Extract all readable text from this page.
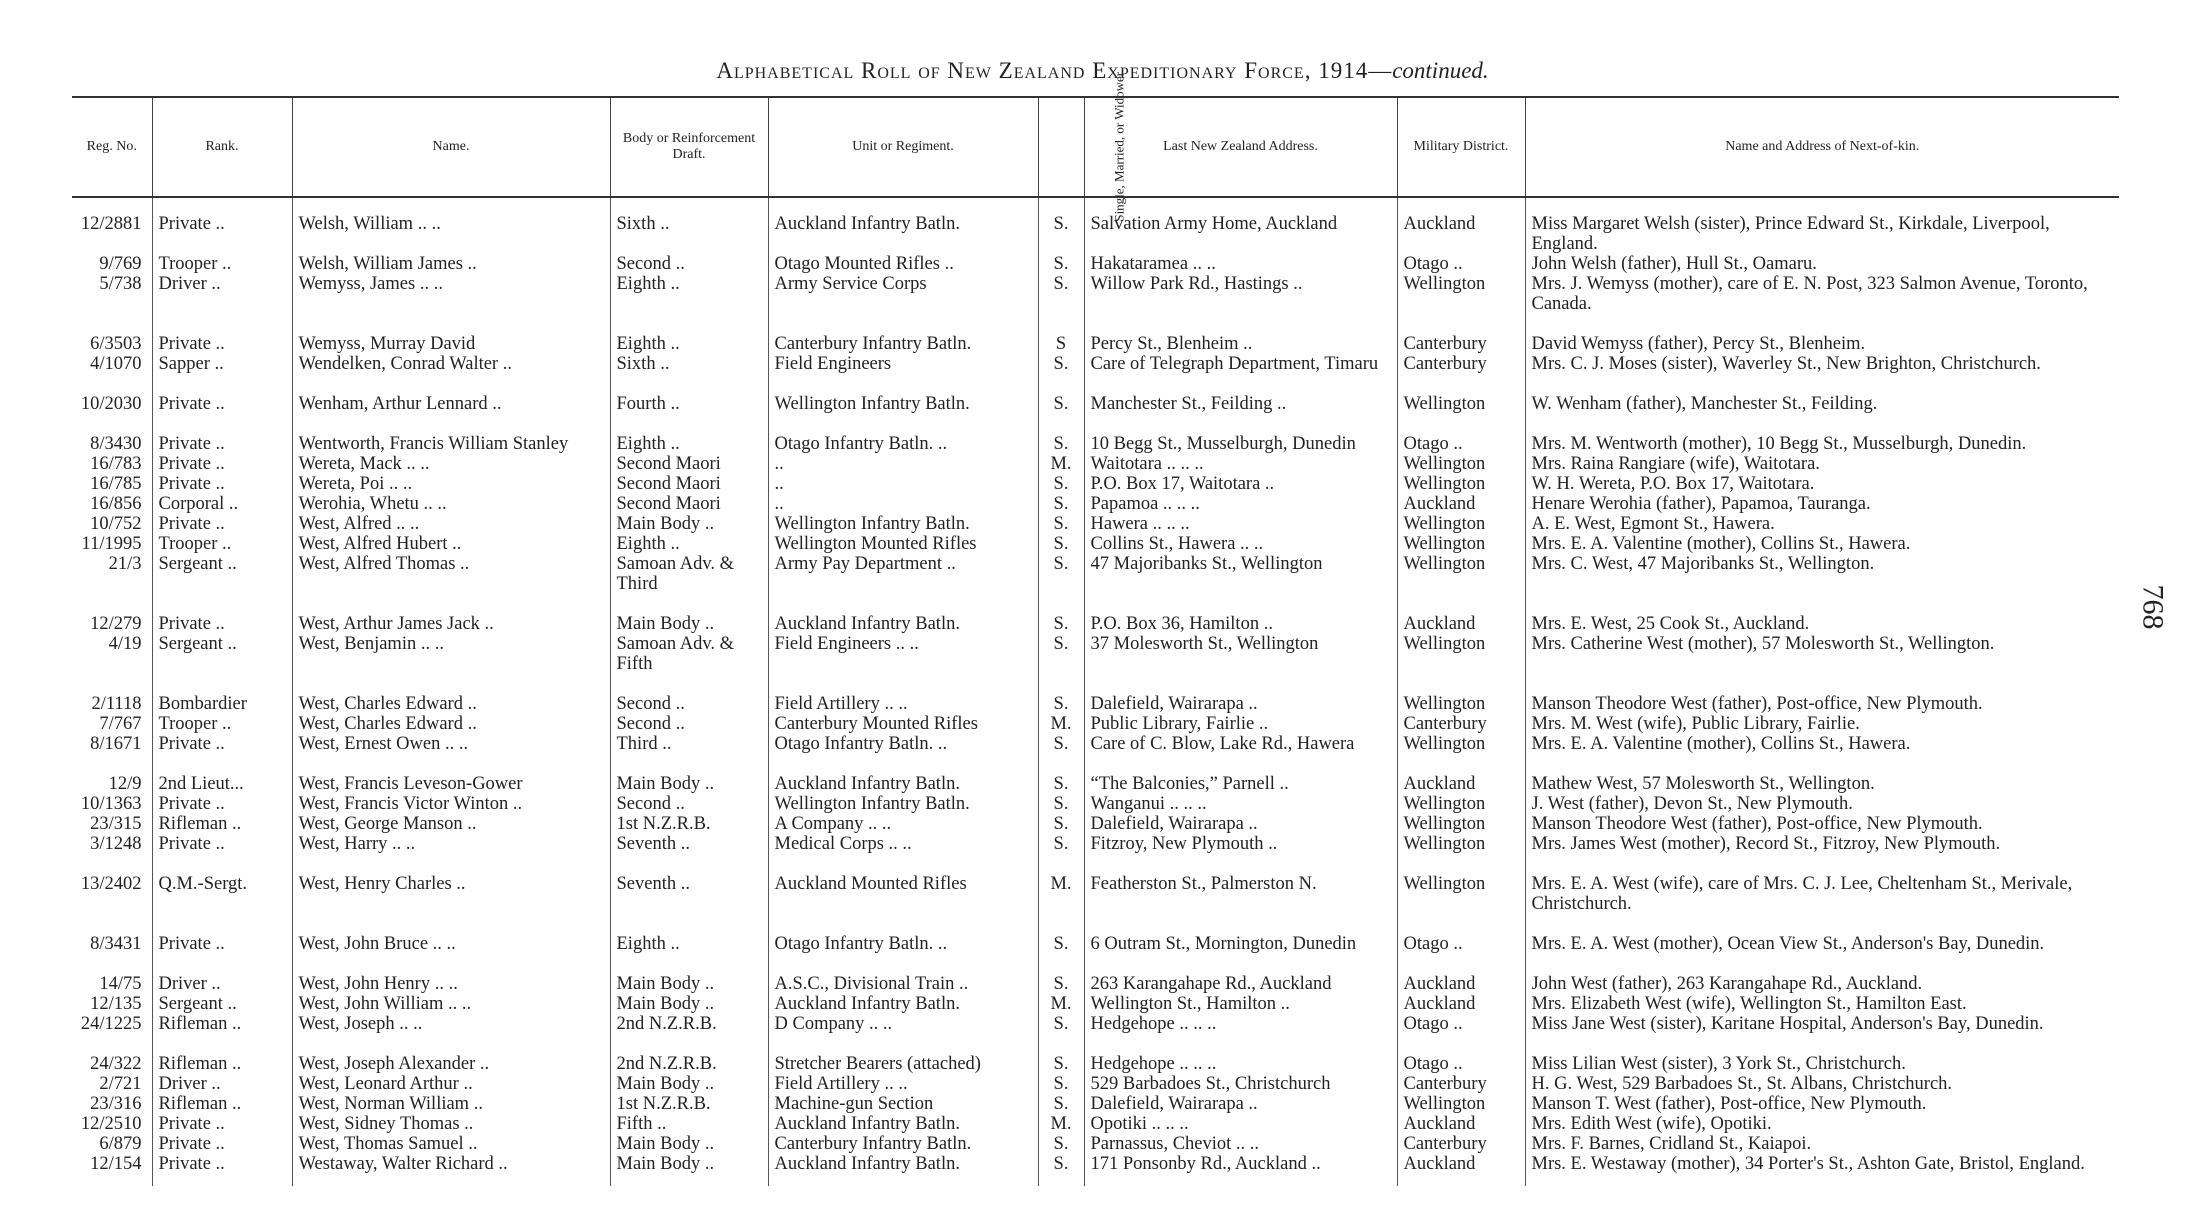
Alphabetical Roll of New Zealand Expeditionary Force, 1914—continued.
768
Reg. No.	Rank.	Name.	Body or Reinforcement Draft.	Unit or Regiment.	Single, Married, or Widower.	Last New Zealand Address.	Military District.	Name and Address of Next-of-kin.
12/2881	Private ..	Welsh, William .. ..	Sixth ..	Auckland Infantry Batln.	S.	Salvation Army Home, Auckland	Auckland	Miss Margaret Welsh (sister), Prince Edward St., Kirkdale, Liverpool, England.
9/769	Trooper ..	Welsh, William James ..	Second ..	Otago Mounted Rifles ..	S.	Hakataramea .. ..	Otago ..	John Welsh (father), Hull St., Oamaru.
5/738	Driver ..	Wemyss, James .. ..	Eighth ..	Army Service Corps	S.	Willow Park Rd., Hastings ..	Wellington	Mrs. J. Wemyss (mother), care of E. N. Post, 323 Salmon Avenue, Toronto, Canada.
6/3503	Private ..	Wemyss, Murray David	Eighth ..	Canterbury Infantry Batln.	S	Percy St., Blenheim ..	Canterbury	David Wemyss (father), Percy St., Blenheim.
4/1070	Sapper ..	Wendelken, Conrad Walter ..	Sixth ..	Field Engineers	S.	Care of Telegraph Department, Timaru	Canterbury	Mrs. C. J. Moses (sister), Waverley St., New Brighton, Christchurch.
10/2030	Private ..	Wenham, Arthur Lennard ..	Fourth ..	Wellington Infantry Batln.	S.	Manchester St., Feilding ..	Wellington	W. Wenham (father), Manchester St., Feilding.
8/3430	Private ..	Wentworth, Francis William Stanley	Eighth ..	Otago Infantry Batln. ..	S.	10 Begg St., Musselburgh, Dunedin	Otago ..	Mrs. M. Wentworth (mother), 10 Begg St., Musselburgh, Dunedin.
16/783	Private ..	Wereta, Mack .. ..	Second Maori	..	M.	Waitotara .. .. ..	Wellington	Mrs. Raina Rangiare (wife), Waitotara.
16/785	Private ..	Wereta, Poi .. ..	Second Maori	..	S.	P.O. Box 17, Waitotara ..	Wellington	W. H. Wereta, P.O. Box 17, Waitotara.
16/856	Corporal ..	Werohia, Whetu .. ..	Second Maori	..	S.	Papamoa .. .. ..	Auckland	Henare Werohia (father), Papamoa, Tauranga.
10/752	Private ..	West, Alfred .. ..	Main Body ..	Wellington Infantry Batln.	S.	Hawera .. .. ..	Wellington	A. E. West, Egmont St., Hawera.
11/1995	Trooper ..	West, Alfred Hubert ..	Eighth ..	Wellington Mounted Rifles	S.	Collins St., Hawera .. ..	Wellington	Mrs. E. A. Valentine (mother), Collins St., Hawera.
21/3	Sergeant ..	West, Alfred Thomas ..	Samoan Adv. & Third	Army Pay Department ..	S.	47 Majoribanks St., Wellington	Wellington	Mrs. C. West, 47 Majoribanks St., Wellington.
12/279	Private ..	West, Arthur James Jack ..	Main Body ..	Auckland Infantry Batln.	S.	P.O. Box 36, Hamilton ..	Auckland	Mrs. E. West, 25 Cook St., Auckland.
4/19	Sergeant ..	West, Benjamin .. ..	Samoan Adv. & Fifth	Field Engineers .. ..	S.	37 Molesworth St., Wellington	Wellington	Mrs. Catherine West (mother), 57 Molesworth St., Wellington.
2/1118	Bombardier	West, Charles Edward ..	Second ..	Field Artillery .. ..	S.	Dalefield, Wairarapa ..	Wellington	Manson Theodore West (father), Post-office, New Plymouth.
7/767	Trooper ..	West, Charles Edward ..	Second ..	Canterbury Mounted Rifles	M.	Public Library, Fairlie ..	Canterbury	Mrs. M. West (wife), Public Library, Fairlie.
8/1671	Private ..	West, Ernest Owen .. ..	Third ..	Otago Infantry Batln. ..	S.	Care of C. Blow, Lake Rd., Hawera	Wellington	Mrs. E. A. Valentine (mother), Collins St., Hawera.
12/9	2nd Lieut...	West, Francis Leveson-Gower	Main Body ..	Auckland Infantry Batln.	S.	“The Balconies,” Parnell ..	Auckland	Mathew West, 57 Molesworth St., Wellington.
10/1363	Private ..	West, Francis Victor Winton ..	Second ..	Wellington Infantry Batln.	S.	Wanganui .. .. ..	Wellington	J. West (father), Devon St., New Plymouth.
23/315	Rifleman ..	West, George Manson ..	1st N.Z.R.B.	A Company .. ..	S.	Dalefield, Wairarapa ..	Wellington	Manson Theodore West (father), Post-office, New Plymouth.
3/1248	Private ..	West, Harry .. ..	Seventh ..	Medical Corps .. ..	S.	Fitzroy, New Plymouth ..	Wellington	Mrs. James West (mother), Record St., Fitzroy, New Plymouth.
13/2402	Q.M.-Sergt.	West, Henry Charles ..	Seventh ..	Auckland Mounted Rifles	M.	Featherston St., Palmerston N.	Wellington	Mrs. E. A. West (wife), care of Mrs. C. J. Lee, Cheltenham St., Merivale, Christchurch.
8/3431	Private ..	West, John Bruce .. ..	Eighth ..	Otago Infantry Batln. ..	S.	6 Outram St., Mornington, Dunedin	Otago ..	Mrs. E. A. West (mother), Ocean View St., Anderson's Bay, Dunedin.
14/75	Driver ..	West, John Henry .. ..	Main Body ..	A.S.C., Divisional Train ..	S.	263 Karangahape Rd., Auckland	Auckland	John West (father), 263 Karangahape Rd., Auckland.
12/135	Sergeant ..	West, John William .. ..	Main Body ..	Auckland Infantry Batln.	M.	Wellington St., Hamilton ..	Auckland	Mrs. Elizabeth West (wife), Wellington St., Hamilton East.
24/1225	Rifleman ..	West, Joseph .. ..	2nd N.Z.R.B.	D Company .. ..	S.	Hedgehope .. .. ..	Otago ..	Miss Jane West (sister), Karitane Hospital, Anderson's Bay, Dunedin.
24/322	Rifleman ..	West, Joseph Alexander ..	2nd N.Z.R.B.	Stretcher Bearers (attached)	S.	Hedgehope .. .. ..	Otago ..	Miss Lilian West (sister), 3 York St., Christchurch.
2/721	Driver ..	West, Leonard Arthur ..	Main Body ..	Field Artillery .. ..	S.	529 Barbadoes St., Christchurch	Canterbury	H. G. West, 529 Barbadoes St., St. Albans, Christchurch.
23/316	Rifleman ..	West, Norman William ..	1st N.Z.R.B.	Machine-gun Section	S.	Dalefield, Wairarapa ..	Wellington	Manson T. West (father), Post-office, New Plymouth.
12/2510	Private ..	West, Sidney Thomas ..	Fifth ..	Auckland Infantry Batln.	M.	Opotiki .. .. ..	Auckland	Mrs. Edith West (wife), Opotiki.
6/879	Private ..	West, Thomas Samuel ..	Main Body ..	Canterbury Infantry Batln.	S.	Parnassus, Cheviot .. ..	Canterbury	Mrs. F. Barnes, Cridland St., Kaiapoi.
12/154	Private ..	Westaway, Walter Richard ..	Main Body ..	Auckland Infantry Batln.	S.	171 Ponsonby Rd., Auckland ..	Auckland	Mrs. E. Westaway (mother), 34 Porter's St., Ashton Gate, Bristol, England.
